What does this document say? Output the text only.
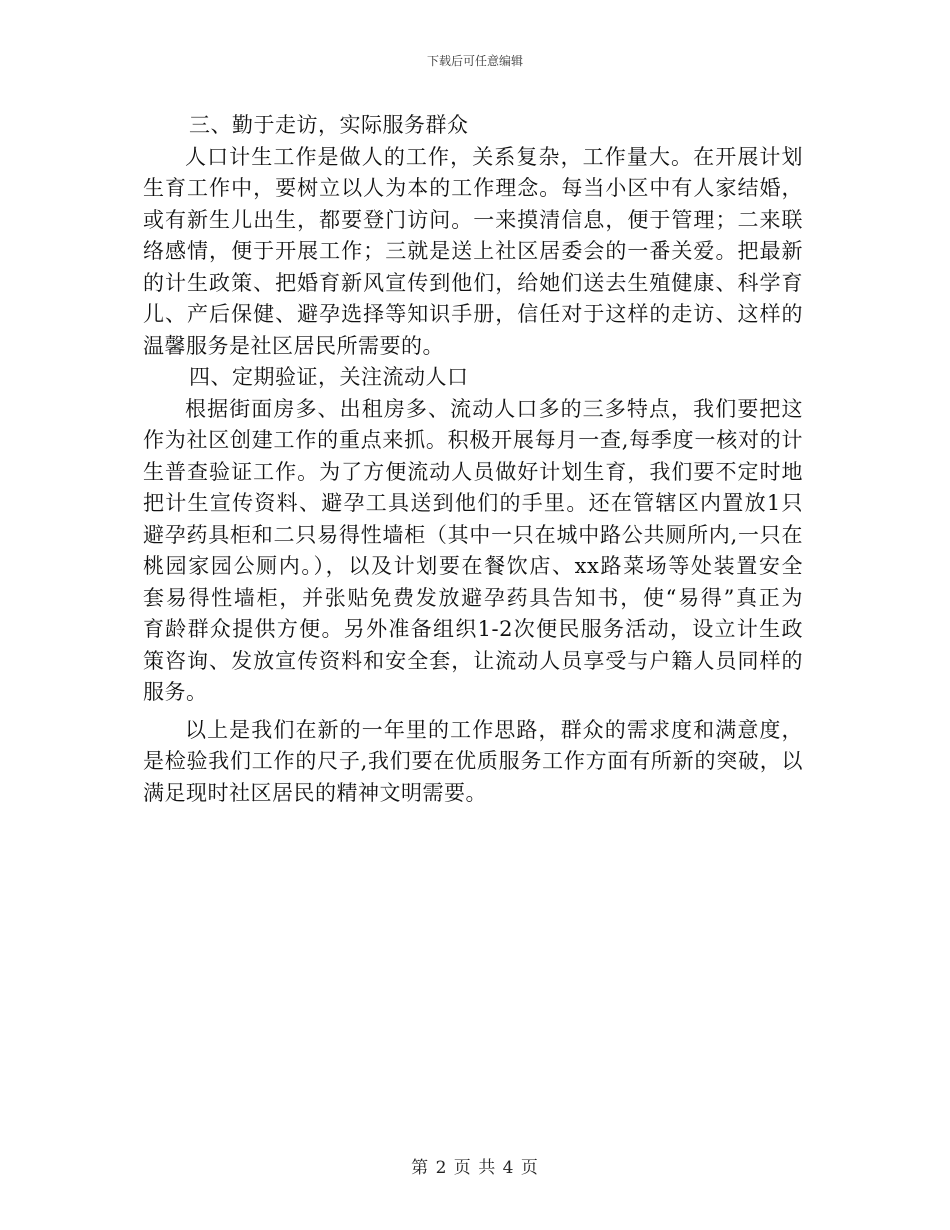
下载后可任意编辑
三、勤于走访，实际服务群众
人口计生工作是做人的工作，关系复杂，工作量大。在开展计划
生育工作中，要树立以人为本的工作理念。每当小区中有人家结婚，
或有新生儿出生，都要登门访问。一来摸清信息，便于管理；二来联
络感情，便于开展工作；三就是送上社区居委会的一番关爱。把最新
的计生政策、把婚育新风宣传到他们，给她们送去生殖健康、科学育
儿、产后保健、避孕选择等知识手册，信任对于这样的走访、这样的
温馨服务是社区居民所需要的。
四、定期验证，关注流动人口
根据街面房多、出租房多、流动人口多的三多特点，我们要把这
作为社区创建工作的重点来抓。积极开展每月一查,每季度一核对的计
生普查验证工作。为了方便流动人员做好计划生育，我们要不定时地
把计生宣传资料、避孕工具送到他们的手里。还在管辖区内置放1只
避孕药具柜和二只易得性墙柜（其中一只在城中路公共厕所内,一只在
桃园家园公厕内。），以及计划要在餐饮店、xx路菜场等处装置安全
套易得性墙柜，并张贴免费发放避孕药具告知书，使“易得”真正为
育龄群众提供方便。另外准备组织1-2次便民服务活动，设立计生政
策咨询、发放宣传资料和安全套，让流动人员享受与户籍人员同样的
服务。
以上是我们在新的一年里的工作思路，群众的需求度和满意度，
是检验我们工作的尺子,我们要在优质服务工作方面有所新的突破，以
满足现时社区居民的精神文明需要。
第 2 页 共 4 页
